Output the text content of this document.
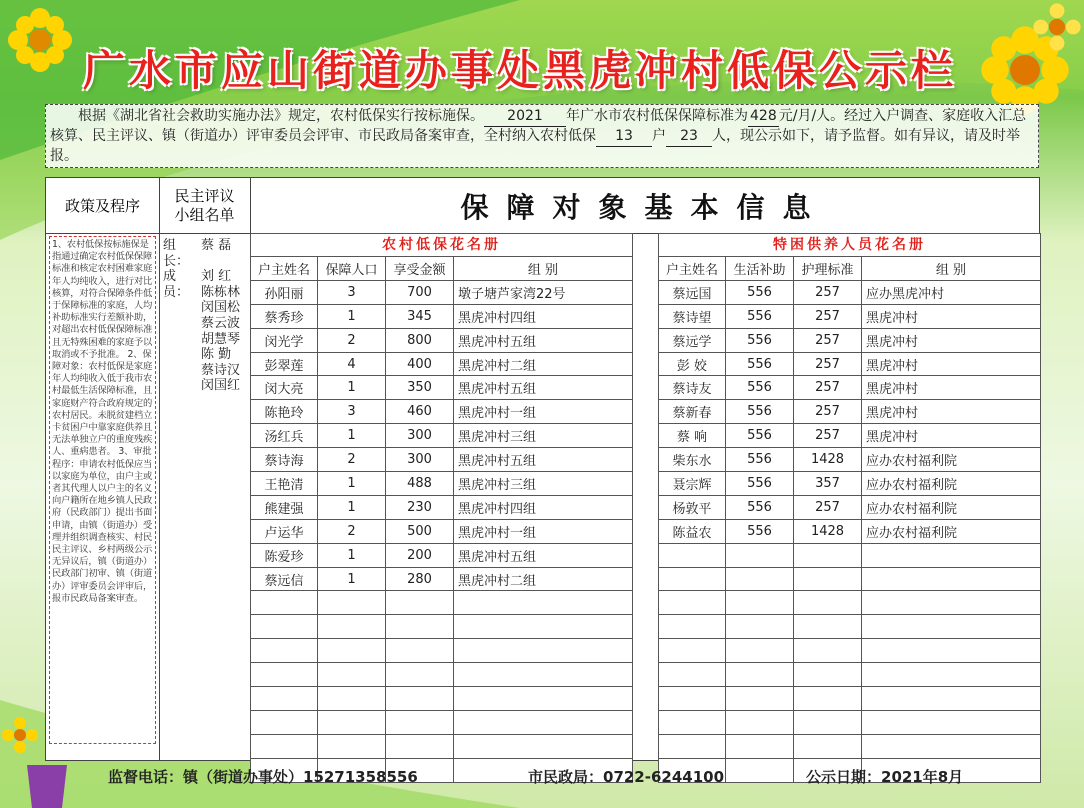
广水市应山街道办事处黑虎冲村低保公示栏
根据《湖北省社会救助实施办法》规定，农村低保实行按标施保。 2021 年广水市农村低保保障标准为 428 元/月/人。经过入户调查、家庭收入汇总核算、民主评议、镇（街道办）评审委员会评审、市民政局备案审查，全村纳入农村低保 13 户 23 人，现公示如下，请予监督。如有异议，请及时举报。
政策及程序
1、农村低保按标施保是指通过确定农村低保保障标准和核定农村困难家庭年人均纯收入，进行对比核算，对符合保障条件低于保障标准的家庭，人均补助标准实行差额补助，对超出农村低保保障标准且无特殊困难的家庭予以取消或不予批准。 2、保障对象：农村低保是家庭年人均纯收入低于我市农村最低生活保障标准，且家庭财产符合政府规定的农村居民。未脱贫建档立卡贫困户中靠家庭供养且无法单独立户的重度残疾人、重病患者。 3、审批程序：申请农村低保应当以家庭为单位，由户主或者其代理人以户主的名义向户籍所在地乡镇人民政府（民政部门）提出书面申请，由镇（街道办）受理并组织调查核实、村民民主评议、乡村两级公示无异议后，镇（街道办）民政部门初审、镇（街道办）评审委员会评审后，报市民政局备案审查。
民主评议
小组名单
组长：
蔡 磊
成员：
刘 红
陈栋林
闵国松
蔡云波
胡慧琴
陈 勤
蔡诗汉
闵国红
保障对象基本信息
农村低保花名册
户主姓名	保障人口	享受金额	组 别
孙阳丽	3	700	墩子塘芦家湾22号
蔡秀珍	1	345	黑虎冲村四组
闵光学	2	800	黑虎冲村五组
彭翠莲	4	400	黑虎冲村二组
闵大亮	1	350	黑虎冲村五组
陈艳玲	3	460	黑虎冲村一组
汤红兵	1	300	黑虎冲村三组
蔡诗海	2	300	黑虎冲村五组
王艳清	1	488	黑虎冲村三组
熊建强	1	230	黑虎冲村四组
卢运华	2	500	黑虎冲村一组
陈爱珍	1	200	黑虎冲村五组
蔡远信	1	280	黑虎冲村二组

特困供养人员花名册
户主姓名	生活补助	护理标准	组 别
蔡远国	556	257	应办黑虎冲村
蔡诗望	556	257	黑虎冲村
蔡远学	556	257	黑虎冲村
彭 姣	556	257	黑虎冲村
蔡诗友	556	257	黑虎冲村
蔡新春	556	257	黑虎冲村
蔡 响	556	257	黑虎冲村
柴东水	556	1428	应办农村福利院
聂宗辉	556	357	应办农村福利院
杨敦平	556	257	应办农村福利院
陈益农	556	1428	应办农村福利院

监督电话：镇（街道办事处）15271358556	市民政局：0722-6244100	公示日期：2021年8月
